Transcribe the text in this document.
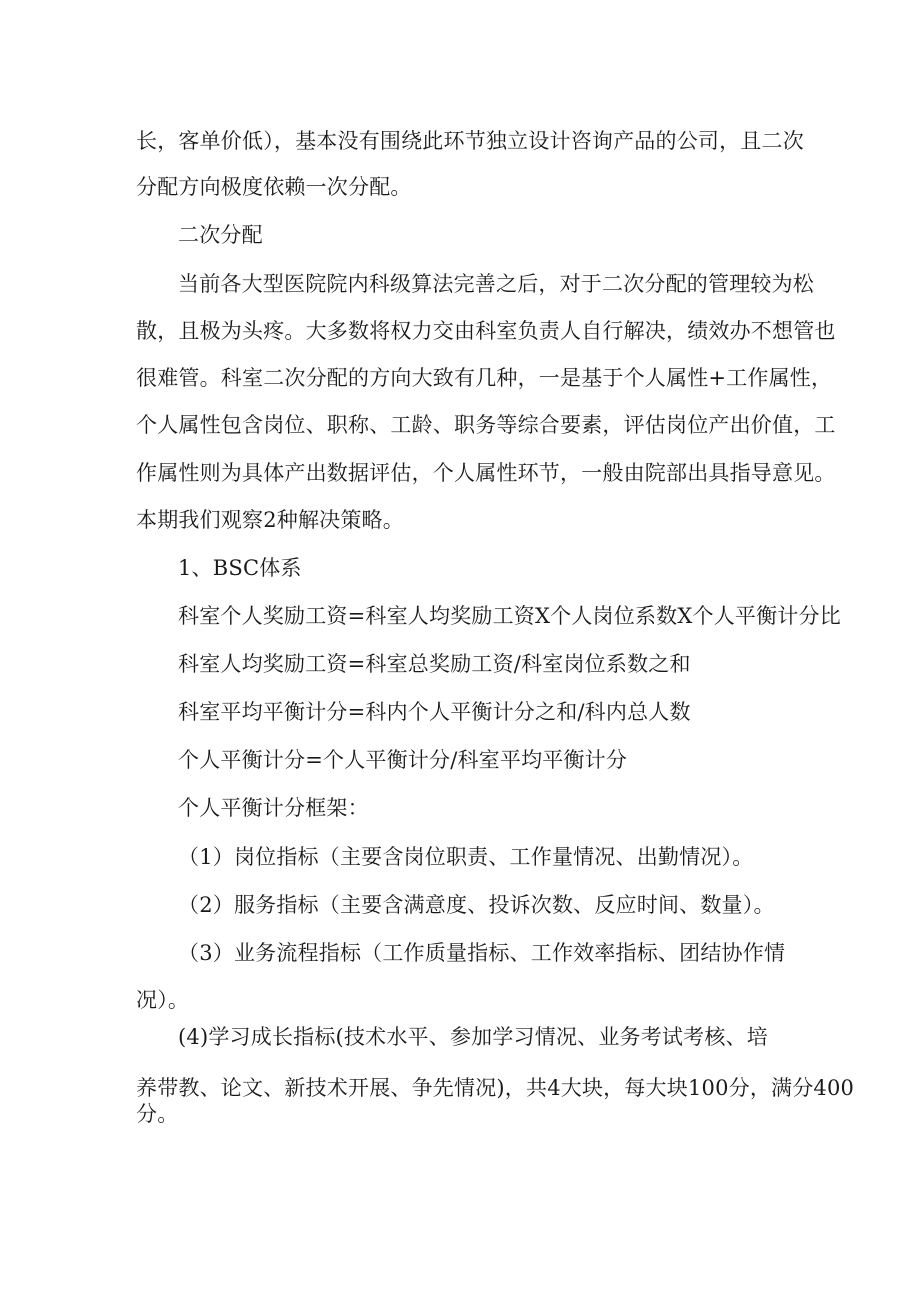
长，客单价低），基本没有围绕此环节独立设计咨询产品的公司，且二次
分配方向极度依赖一次分配。
二次分配
当前各大型医院院内科级算法完善之后，对于二次分配的管理较为松
散，且极为头疼。大多数将权力交由科室负责人自行解决，绩效办不想管也
很难管。科室二次分配的方向大致有几种，一是基于个人属性+工作属性，
个人属性包含岗位、职称、工龄、职务等综合要素，评估岗位产出价值，工
作属性则为具体产出数据评估，个人属性环节，一般由院部出具指导意见。
本期我们观察2种解决策略。
1、BSC体系
科室个人奖励工资=科室人均奖励工资X个人岗位系数X个人平衡计分比
科室人均奖励工资=科室总奖励工资/科室岗位系数之和
科室平均平衡计分=科内个人平衡计分之和/科内总人数
个人平衡计分=个人平衡计分/科室平均平衡计分
个人平衡计分框架：
（1）岗位指标（主要含岗位职责、工作量情况、出勤情况）。
（2）服务指标（主要含满意度、投诉次数、反应时间、数量）。
（3）业务流程指标（工作质量指标、工作效率指标、团结协作情
况）。
(4)学习成长指标(技术水平、参加学习情况、业务考试考核、培
养带教、论文、新技术开展、争先情况)，共4大块，每大块100分，满分400
分。
